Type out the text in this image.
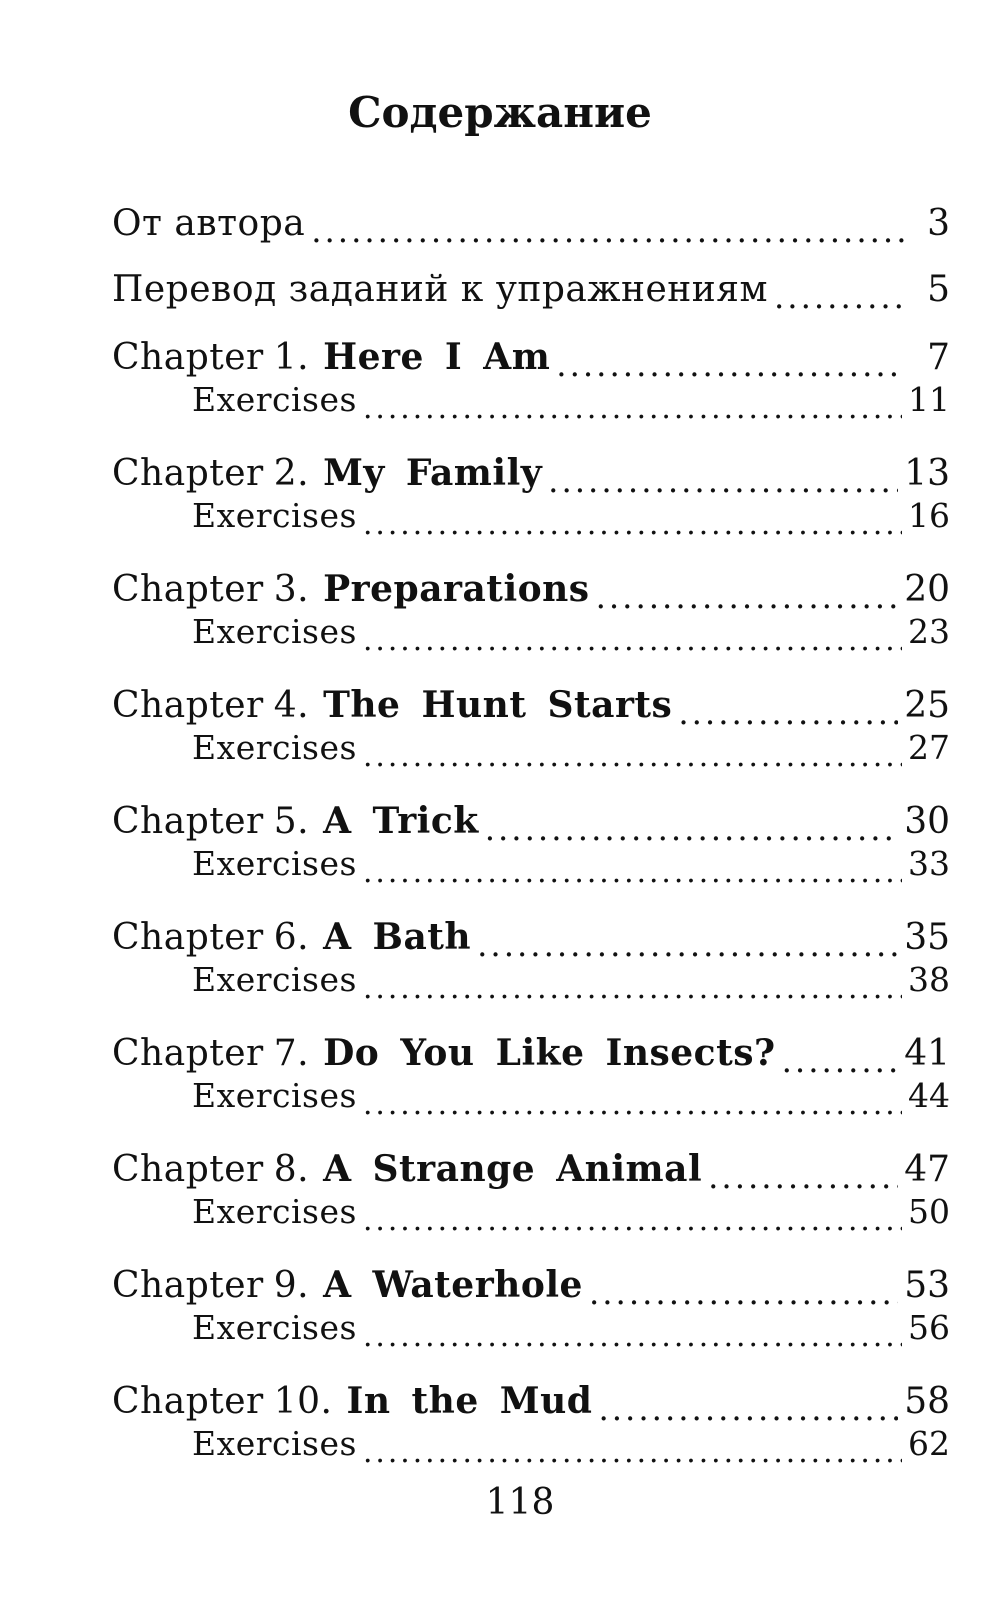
Содержание
От автора .....	3
Перевод заданий к упражнениям .....	5
Chapter 1. Here I Am .....	7
Exercises .....	11
Chapter 2. My Family .....	13
Exercises .....	16
Chapter 3. Preparations .....	20
Exercises .....	23
Chapter 4. The Hunt Starts .....	25
Exercises .....	27
Chapter 5. A Trick .....	30
Exercises .....	33
Chapter 6. A Bath .....	35
Exercises .....	38
Chapter 7. Do You Like Insects? .....	41
Exercises .....	44
Chapter 8. A Strange Animal .....	47
Exercises .....	50
Chapter 9. A Waterhole .....	53
Exercises .....	56
Chapter 10. In the Mud .....	58
Exercises .....	62
118
